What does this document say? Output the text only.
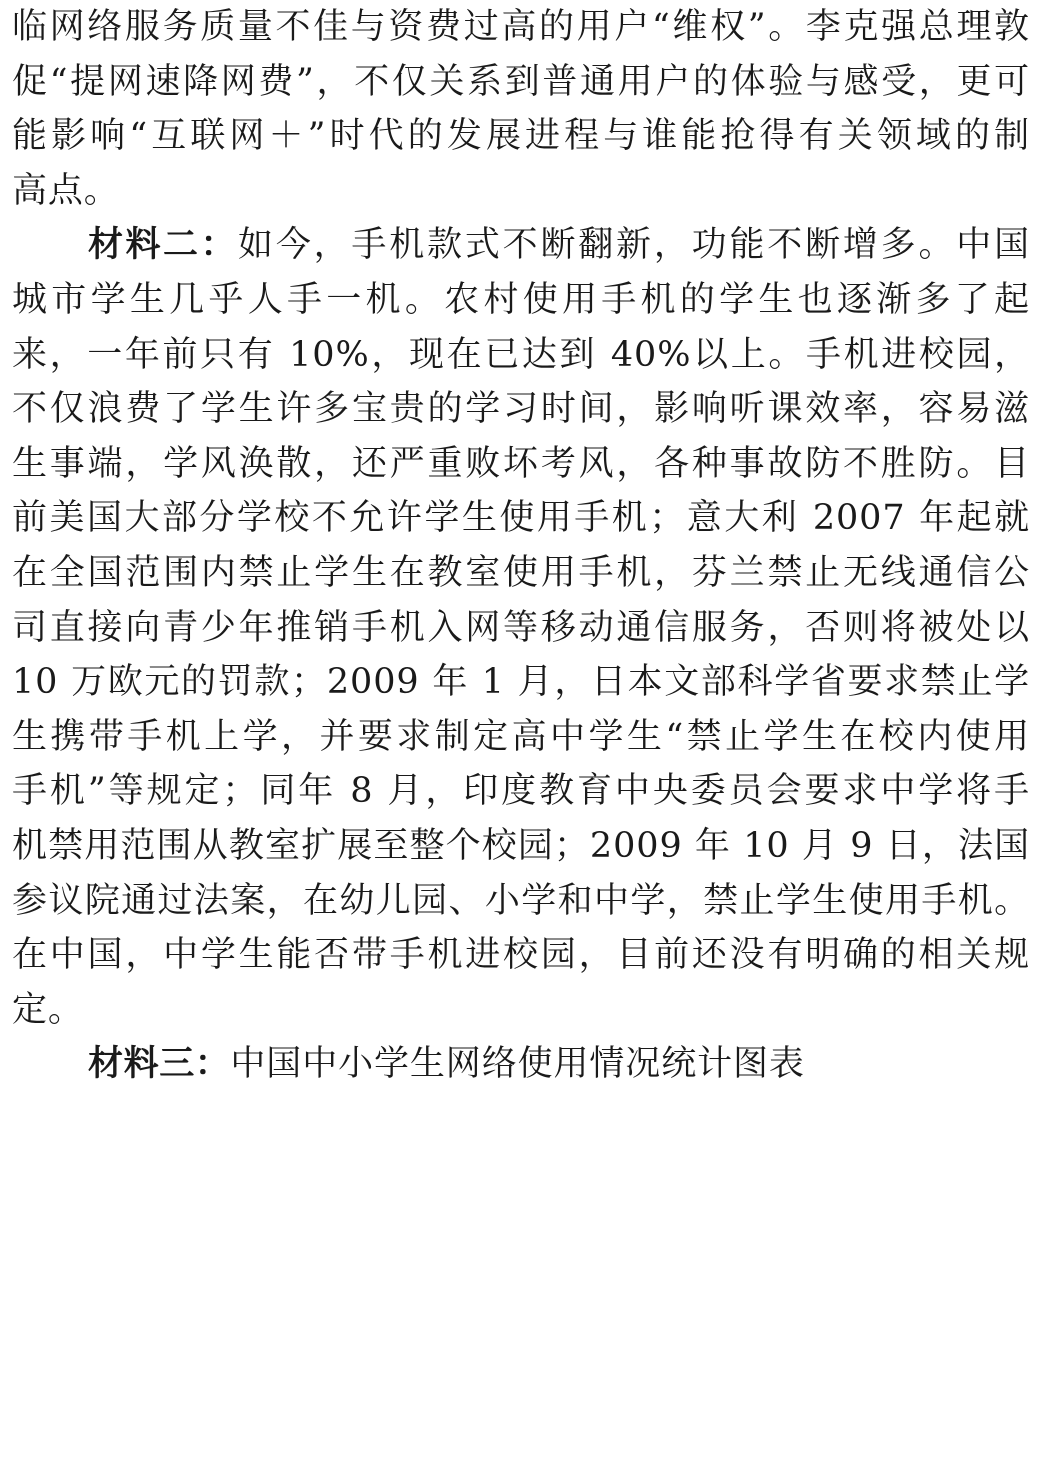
临网络服务质量不佳与资费过高的用户“维权”。李克强总理敦
促“提网速降网费”，不仅关系到普通用户的体验与感受，更可
能影响“互联网＋”时代的发展进程与谁能抢得有关领域的制
高点。
材料二：如今，手机款式不断翻新，功能不断增多。中国
城市学生几乎人手一机。农村使用手机的学生也逐渐多了起
来，一年前只有 10%，现在已达到 40%以上。手机进校园，
不仅浪费了学生许多宝贵的学习时间，影响听课效率，容易滋
生事端，学风涣散，还严重败坏考风，各种事故防不胜防。目
前美国大部分学校不允许学生使用手机；意大利 2007 年起就
在全国范围内禁止学生在教室使用手机，芬兰禁止无线通信公
司直接向青少年推销手机入网等移动通信服务，否则将被处以
10 万欧元的罚款；2009 年 1 月，日本文部科学省要求禁止学
生携带手机上学，并要求制定高中学生“禁止学生在校内使用
手机”等规定；同年 8 月，印度教育中央委员会要求中学将手
机禁用范围从教室扩展至整个校园；2009 年 10 月 9 日，法国
参议院通过法案，在幼儿园、小学和中学，禁止学生使用手机。
在中国，中学生能否带手机进校园，目前还没有明确的相关规
定。
材料三：中国中小学生网络使用情况统计图表
